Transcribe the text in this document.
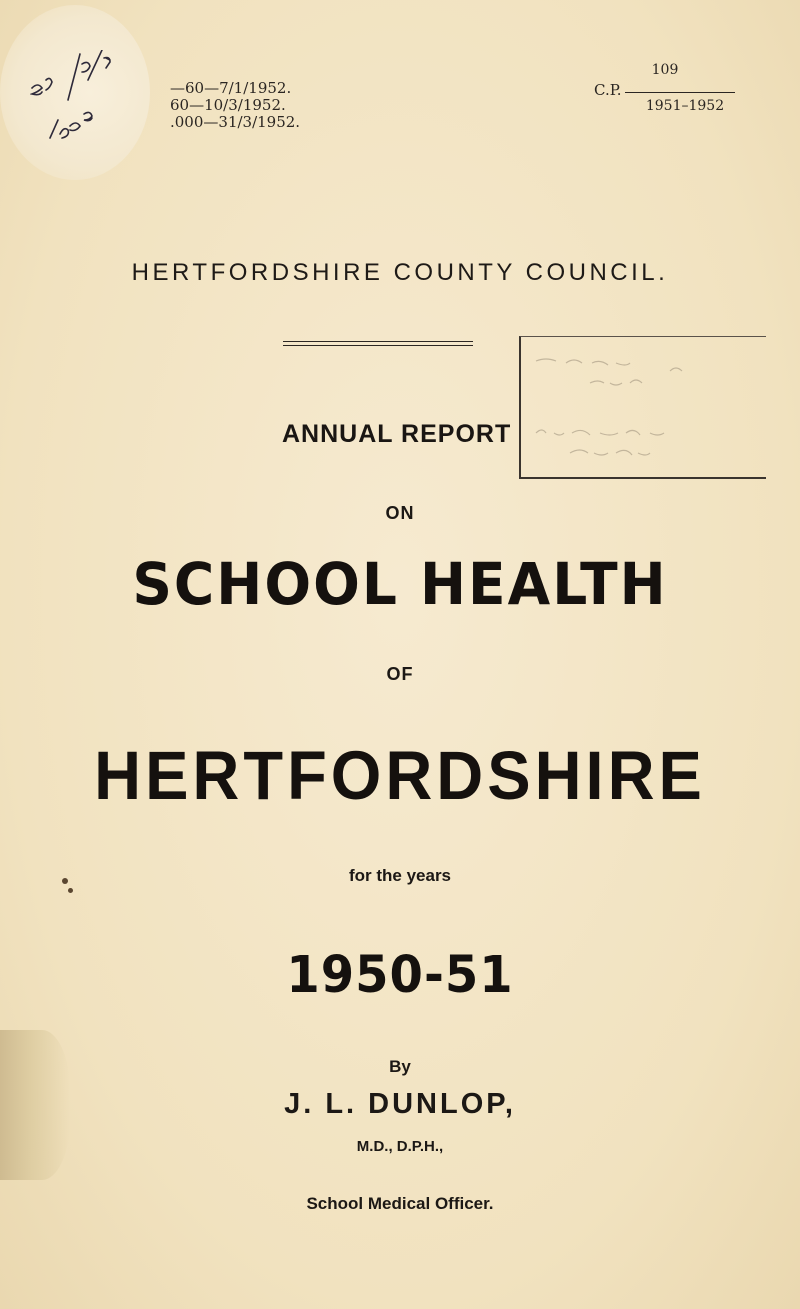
—60—7/1/1952.
60—10/3/1952.
.000—31/3/1952.
109
C.P.
1951–1952
HERTFORDSHIRE COUNTY COUNCIL.
ANNUAL REPORT
ON
SCHOOL HEALTH
OF
HERTFORDSHIRE
for the years
1950-51
By
J. L. DUNLOP,
M.D., D.P.H.,
School Medical Officer.
